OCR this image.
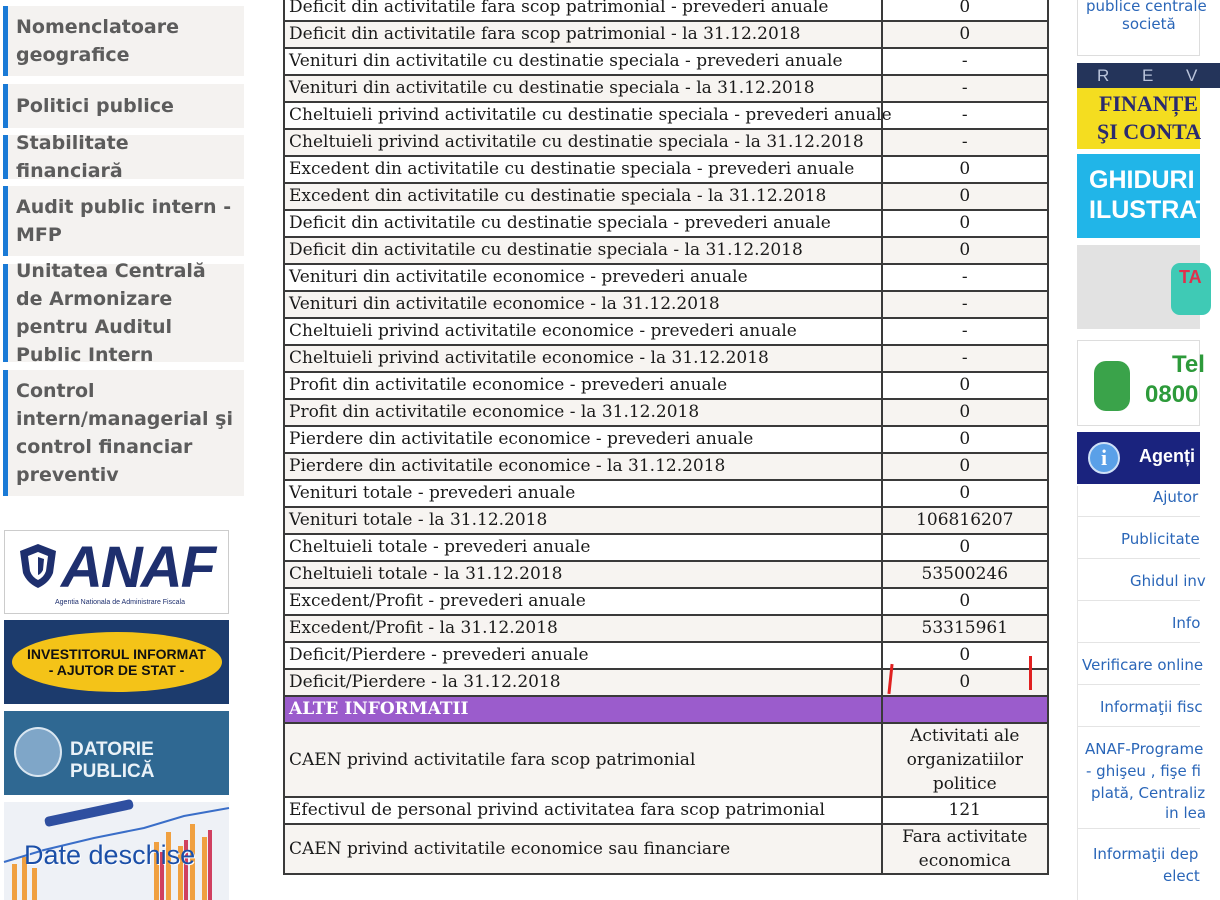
Nomenclatoare geografice
Politici publice
Stabilitate financiară
Audit public intern - MFP
Unitatea Centrală de Armonizare pentru Auditul Public Intern
Control intern/managerial şi control financiar preventiv
ANAF
Agentia Nationala de Administrare Fiscala
INVESTITORUL INFORMAT
- AJUTOR DE STAT -
DATORIE PUBLICĂ
Date deschise
Deficit din activitatile fara scop patrimonial - prevederi anuale	0
Deficit din activitatile fara scop patrimonial - la 31.12.2018	0
Venituri din activitatile cu destinatie speciala - prevederi anuale	-
Venituri din activitatile cu destinatie speciala - la 31.12.2018	-
Cheltuieli privind activitatile cu destinatie speciala - prevederi anuale	-
Cheltuieli privind activitatile cu destinatie speciala - la 31.12.2018	-
Excedent din activitatile cu destinatie speciala - prevederi anuale	0
Excedent din activitatile cu destinatie speciala - la 31.12.2018	0
Deficit din activitatile cu destinatie speciala - prevederi anuale	0
Deficit din activitatile cu destinatie speciala - la 31.12.2018	0
Venituri din activitatile economice - prevederi anuale	-
Venituri din activitatile economice - la 31.12.2018	-
Cheltuieli privind activitatile economice - prevederi anuale	-
Cheltuieli privind activitatile economice - la 31.12.2018	-
Profit din activitatile economice - prevederi anuale	0
Profit din activitatile economice - la 31.12.2018	0
Pierdere din activitatile economice - prevederi anuale	0
Pierdere din activitatile economice - la 31.12.2018	0
Venituri totale - prevederi anuale	0
Venituri totale - la 31.12.2018	106816207
Cheltuieli totale - prevederi anuale	0
Cheltuieli totale - la 31.12.2018	53500246
Excedent/Profit - prevederi anuale	0
Excedent/Profit - la 31.12.2018	53315961
Deficit/Pierdere - prevederi anuale	0
Deficit/Pierdere - la 31.12.2018	0
ALTE INFORMATII	
CAEN privind activitatile fara scop patrimonial	Activitati ale
organizatiilor politice

Efectivul de personal privind activitatea fara scop patrimonial	121
CAEN privind activitatile economice sau financiare	Fara activitate
economica
publice centrale
societă
R E V
FINANȚE
ŞI CONTA
GHIDURI
ILUSTRAT
TA
Tel
0800
i	Agenți
Ajutor
Publicitate
Ghidul inv
Info
Verificare online
Informaţii fisc
ANAF-Programe
- ghişeu , fişe fi
plată, Centraliz
in lea
Informaţii dep
elect
